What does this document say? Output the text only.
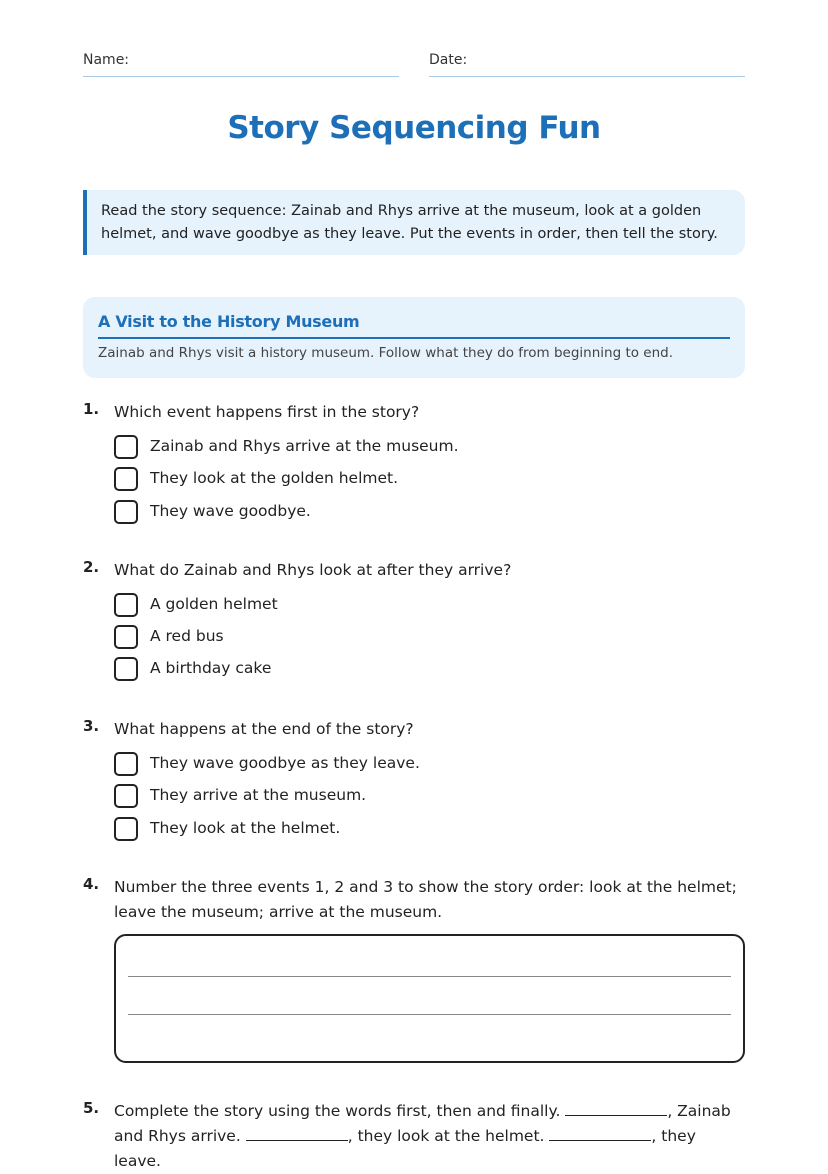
Name:	Date:
Story Sequencing Fun
Read the story sequence: Zainab and Rhys arrive at the museum, look at a golden helmet, and wave goodbye as they leave. Put the events in order, then tell the story.
A Visit to the History Museum
Zainab and Rhys visit a history museum. Follow what they do from beginning to end.
1. Which event happens first in the story?
Zainab and Rhys arrive at the museum.
They look at the golden helmet.
They wave goodbye.
2. What do Zainab and Rhys look at after they arrive?
A golden helmet
A red bus
A birthday cake
3. What happens at the end of the story?
They wave goodbye as they leave.
They arrive at the museum.
They look at the helmet.
4. Number the three events 1, 2 and 3 to show the story order: look at the helmet; leave the museum; arrive at the museum.
5. Complete the story using the words first, then and finally.	, Zainab and Rhys arrive.	, they look at the helmet.	, they leave.
